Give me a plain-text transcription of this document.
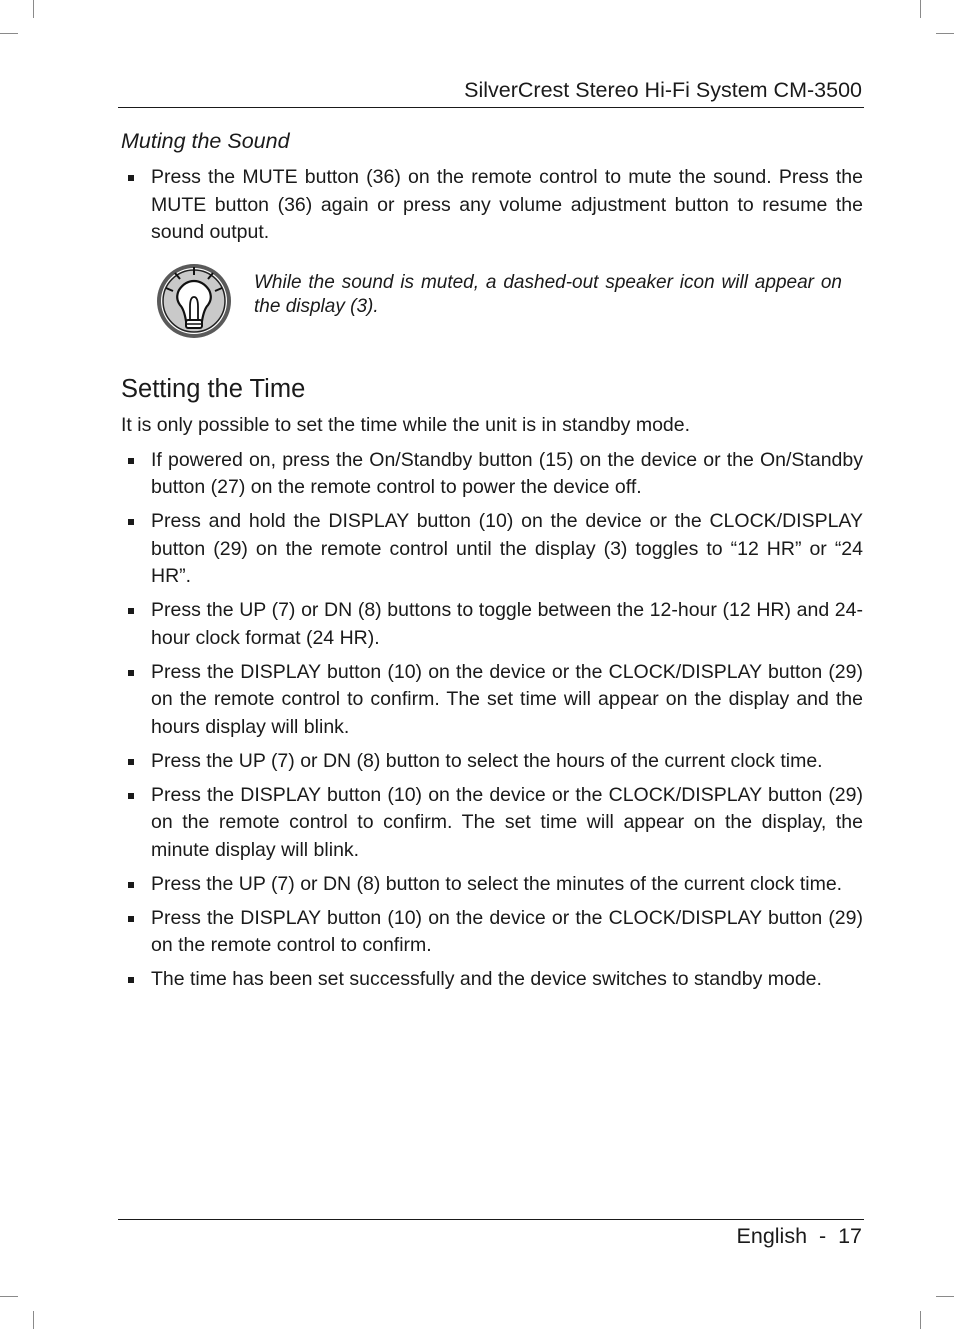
SilverCrest Stereo Hi-Fi System CM-3500
Muting the Sound
Press the MUTE button (36) on the remote control to mute the sound. Press the MUTE button (36) again or press any volume adjustment button to resume the sound output.
While the sound is muted, a dashed-out speaker icon will appear on the display (3).
Setting the Time
It is only possible to set the time while the unit is in standby mode.
If powered on, press the On/Standby button (15) on the device or the On/Standby button (27) on the remote control to power the device off.
Press and hold the DISPLAY button (10) on the device or the CLOCK/DISPLAY button (29) on the remote control until the display (3) toggles to “12 HR” or “24 HR”.
Press the UP (7) or DN (8) buttons to toggle between the 12-hour (12 HR) and 24-hour clock format (24 HR).
Press the DISPLAY button (10) on the device or the CLOCK/DISPLAY button (29) on the remote control to confirm. The set time will appear on the display and the hours display will blink.
Press the UP (7) or DN (8) button to select the hours of the current clock time.
Press the DISPLAY button (10) on the device or the CLOCK/DISPLAY button (29) on the remote control to confirm. The set time will appear on the display, the minute display will blink.
Press the UP (7) or DN (8) button to select the minutes of the current clock time.
Press the DISPLAY button (10) on the device or the CLOCK/DISPLAY button (29) on the remote control to confirm.
The time has been set successfully and the device switches to standby mode.
English  -  17
